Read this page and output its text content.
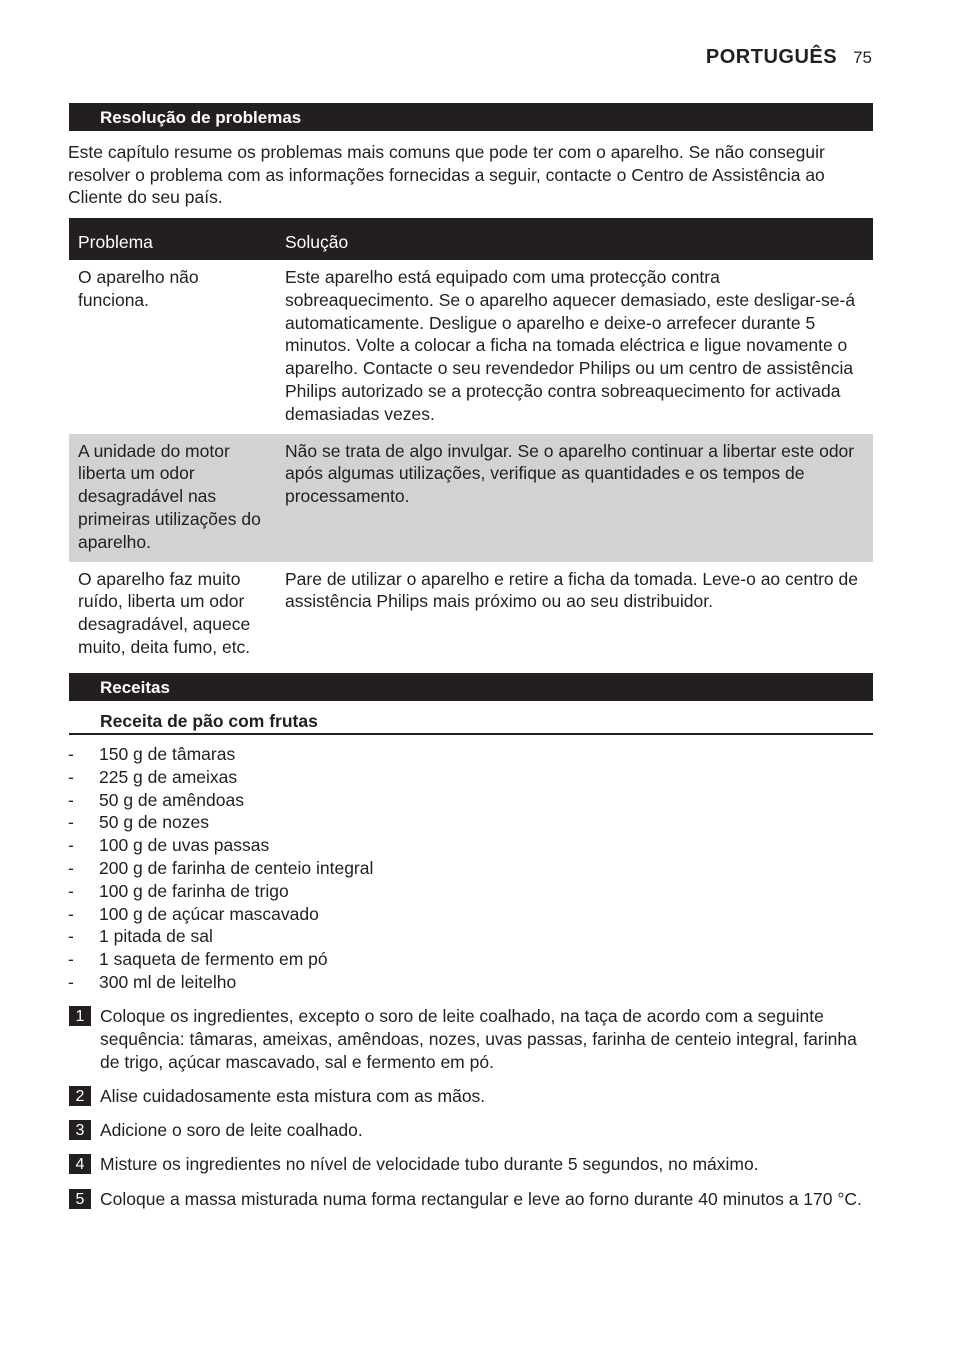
PORTUGUÊS 75
Resolução de problemas

Este capítulo resume os problemas mais comuns que pode ter com o aparelho. Se não conseguir resolver o problema com as informações fornecidas a seguir, contacte o Centro de Assistência ao Cliente do seu país.

Problema	Solução
O aparelho não funciona.	Este aparelho está equipado com uma protecção contra sobreaquecimento. Se o aparelho aquecer demasiado, este desligar-se-á automaticamente. Desligue o aparelho e deixe-o arrefecer durante 5 minutos. Volte a colocar a ficha na tomada eléctrica e ligue novamente o aparelho. Contacte o seu revendedor Philips ou um centro de assistência Philips autorizado se a protecção contra sobreaquecimento for activada demasiadas vezes.
A unidade do motor liberta um odor desagradável nas primeiras utilizações do aparelho.	Não se trata de algo invulgar. Se o aparelho continuar a libertar este odor após algumas utilizações, verifique as quantidades e os tempos de processamento.
O aparelho faz muito ruído, liberta um odor desagradável, aquece muito, deita fumo, etc.	Pare de utilizar o aparelho e retire a ficha da tomada. Leve-o ao centro de assistência Philips mais próximo ou ao seu distribuidor.
Receitas
Receita de pão com frutas
-	150 g de tâmaras
-	225 g de ameixas
-	50 g de amêndoas
-	50 g de nozes
-	100 g de uvas passas
-	200 g de farinha de centeio integral
-	100 g de farinha de trigo
-	100 g de açúcar mascavado
-	1 pitada de sal
-	1 saqueta de fermento em pó
-	300 ml de leitelho
1 Coloque os ingredientes, excepto o soro de leite coalhado, na taça de acordo com a seguinte sequência: tâmaras, ameixas, amêndoas, nozes, uvas passas, farinha de centeio integral, farinha de trigo, açúcar mascavado, sal e fermento em pó.
2 Alise cuidadosamente esta mistura com as mãos.
3 Adicione o soro de leite coalhado.
4 Misture os ingredientes no nível de velocidade tubo durante 5 segundos, no máximo.
5 Coloque a massa misturada numa forma rectangular e leve ao forno durante 40 minutos a 170 °C.
